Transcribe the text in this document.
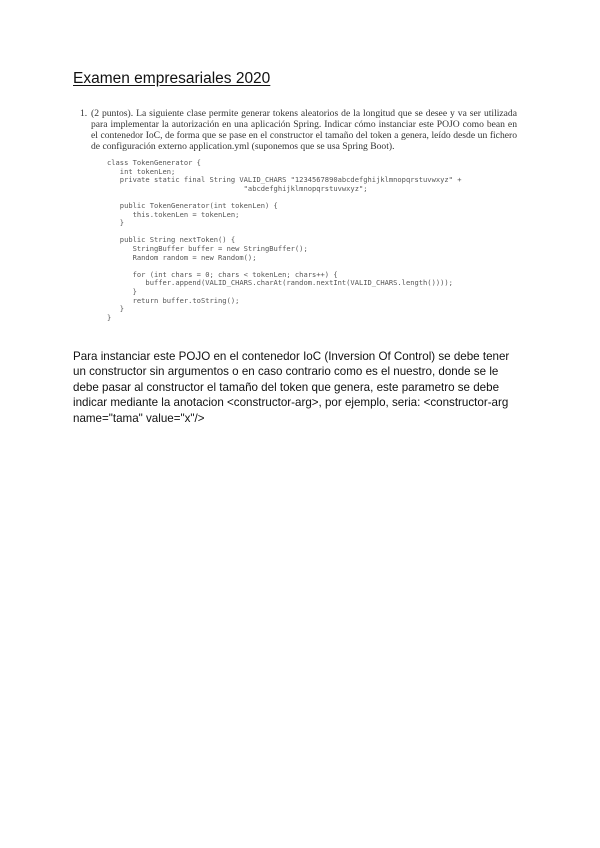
Examen empresariales 2020
1. (2 puntos). La siguiente clase permite generar tokens aleatorios de la longitud que se desee y va ser utilizada para implementar la autorización en una aplicación Spring. Indicar cómo instanciar este POJO como bean en el contenedor IoC, de forma que se pase en el constructor el tamaño del token a genera, leído desde un fichero de configuración externo application.yml (suponemos que se usa Spring Boot).
class TokenGenerator {
int tokenLen;
private static final String VALID_CHARS "1234567890abcdefghijklmnopqrstuvwxyz" +
"abcdefghijklmnopqrstuvwxyz";
public TokenGenerator(int tokenLen) {
this.tokenLen = tokenLen;
}
public String nextToken() {
StringBuffer buffer = new StringBuffer();
Random random = new Random();
for (int chars = 0; chars < tokenLen; chars++) {
buffer.append(VALID_CHARS.charAt(random.nextInt(VALID_CHARS.length())));
}
return buffer.toString();
}
}

Para instanciar este POJO en el contenedor IoC (Inversion Of Control) se debe tener un constructor sin argumentos o en caso contrario como es el nuestro, donde se le debe pasar al constructor el tamaño del token que genera, este parametro se debe indicar mediante la anotacion <constructor-arg>, por ejemplo, seria: <constructor-arg name="tama" value="x"/>
